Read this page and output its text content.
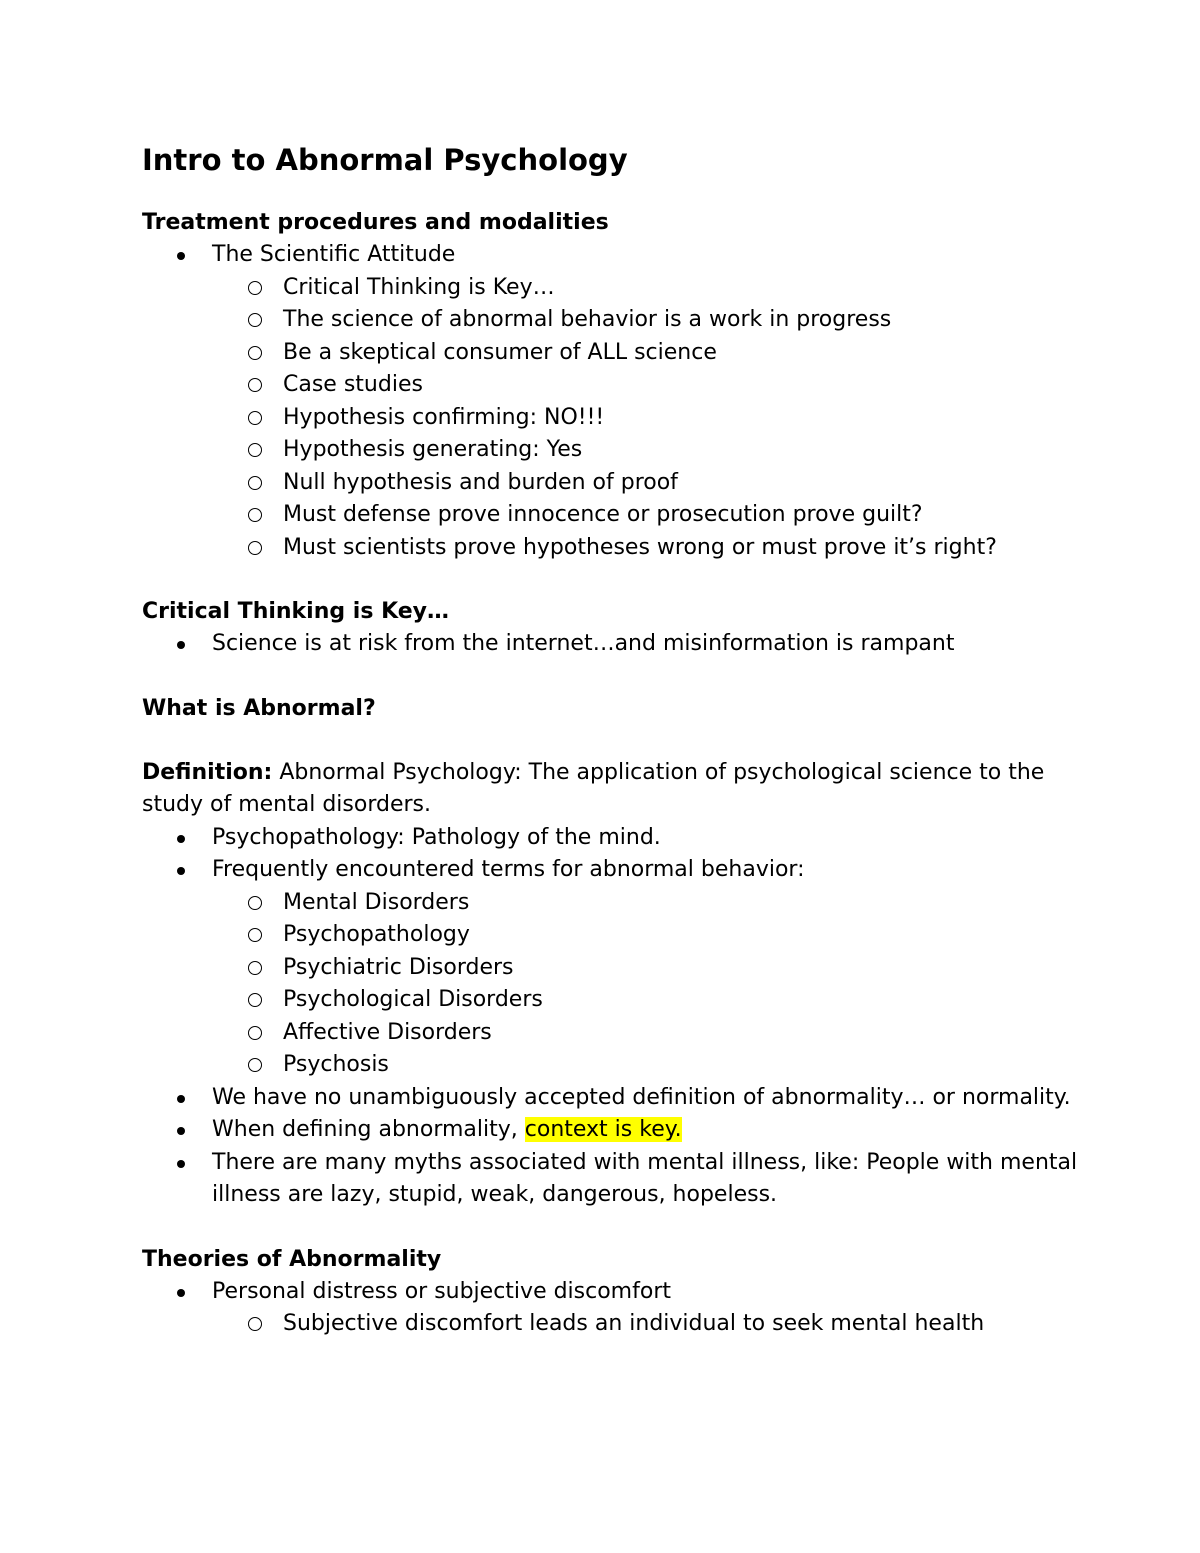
Intro to Abnormal Psychology
Treatment procedures and modalities
The Scientific Attitude
Critical Thinking is Key…
The science of abnormal behavior is a work in progress
Be a skeptical consumer of ALL science
Case studies
Hypothesis confirming: NO!!!
Hypothesis generating: Yes
Null hypothesis and burden of proof
Must defense prove innocence or prosecution prove guilt?
Must scientists prove hypotheses wrong or must prove it’s right?
Critical Thinking is Key…
Science is at risk from the internet…and misinformation is rampant
What is Abnormal?

Definition: Abnormal Psychology: The application of psychological science to the study of mental disorders.

Psychopathology: Pathology of the mind.
Frequently encountered terms for abnormal behavior:
Mental Disorders
Psychopathology
Psychiatric Disorders
Psychological Disorders
Affective Disorders
Psychosis
We have no unambiguously accepted definition of abnormality… or normality.
When defining abnormality, context is key.
There are many myths associated with mental illness, like: People with mental illness are lazy, stupid, weak, dangerous, hopeless.
Theories of Abnormality
Personal distress or subjective discomfort
Subjective discomfort leads an individual to seek mental health
